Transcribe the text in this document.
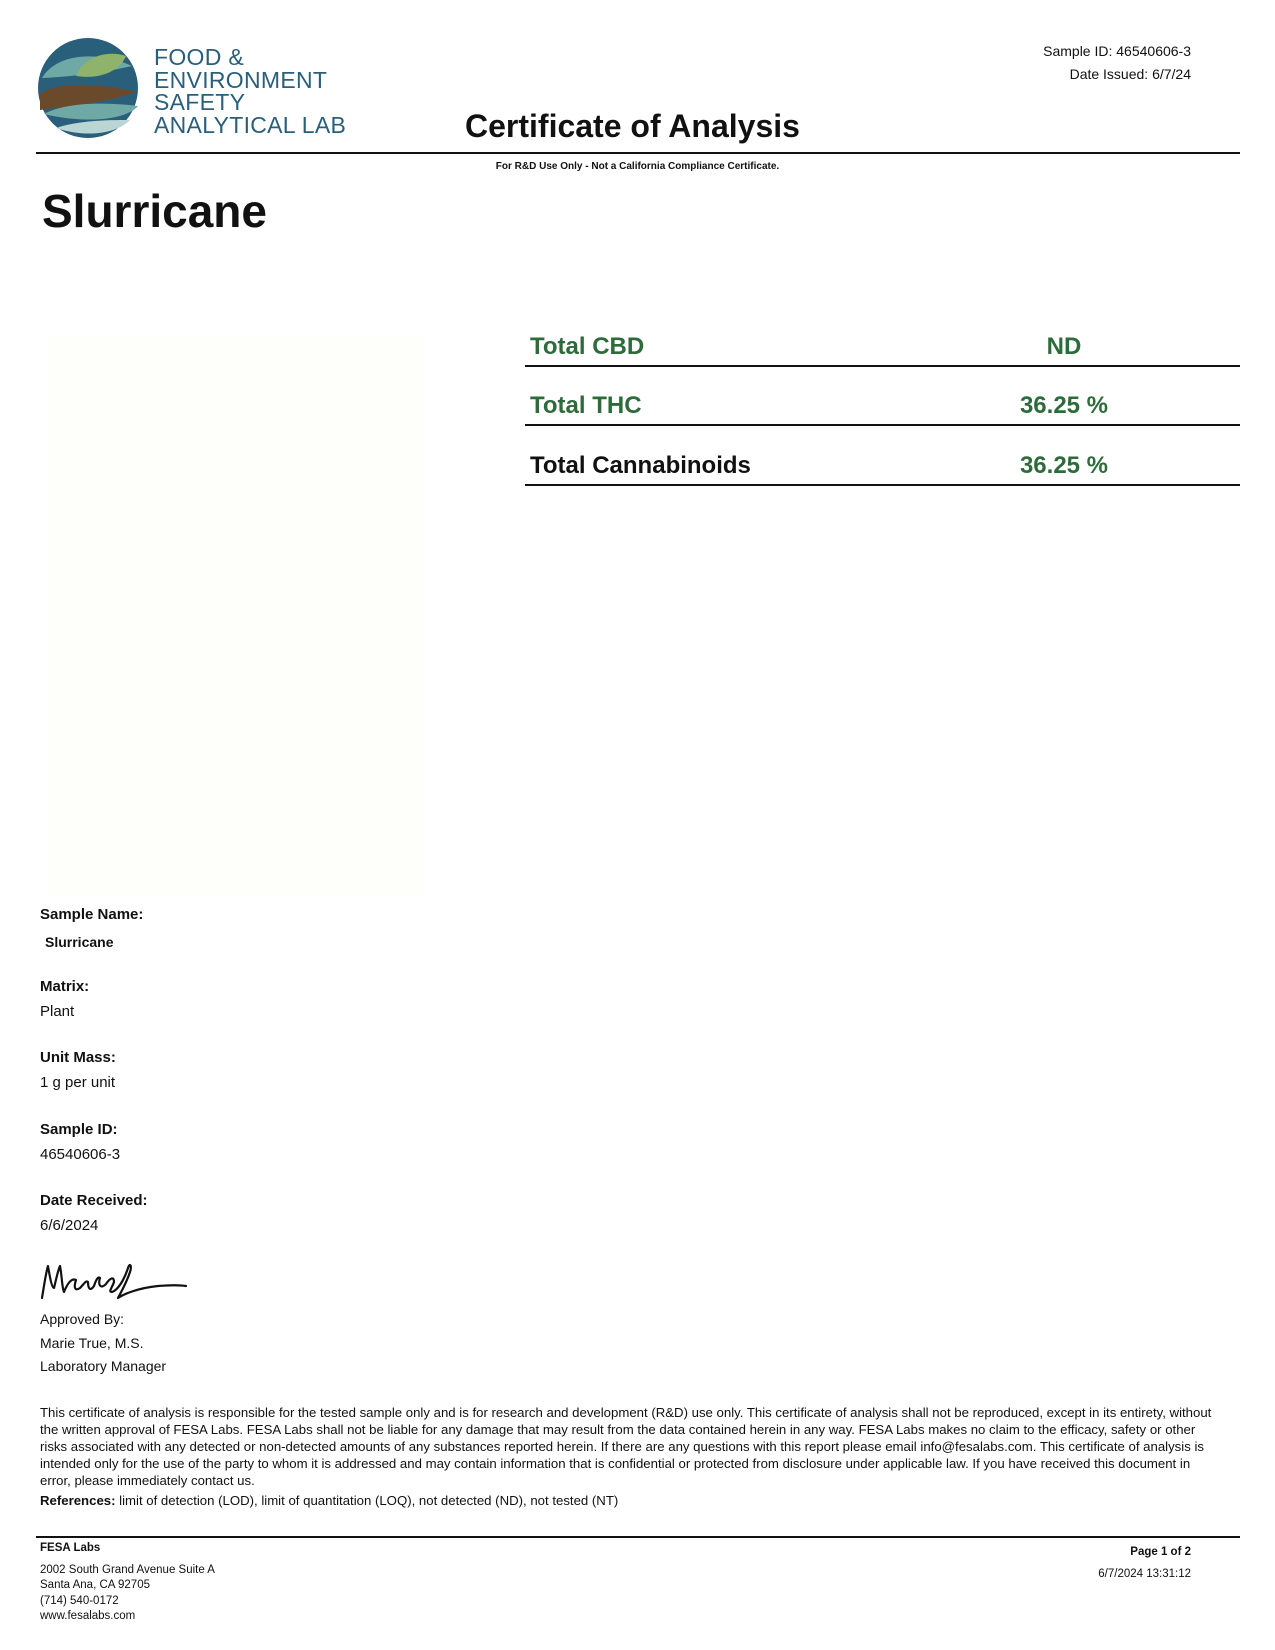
FOOD &
ENVIRONMENT
SAFETY
ANALYTICAL LAB
Sample ID: 46540606-3
Date Issued: 6/7/24
Certificate of Analysis
For R&D Use Only - Not a California Compliance Certificate.
Slurricane
Total CBD	ND
Total THC	36.25 %
Total Cannabinoids	36.25 %
Sample Name:
Slurricane
Matrix:
Plant
Unit Mass:
1 g per unit
Sample ID:
46540606-3
Date Received:
6/6/2024
Approved By:
Marie True, M.S.
Laboratory Manager
This certificate of analysis is responsible for the tested sample only and is for research and development (R&D) use only. This certificate of analysis shall not be reproduced, except in its entirety, without the written approval of FESA Labs. FESA Labs shall not be liable for any damage that may result from the data contained herein in any way. FESA Labs makes no claim to the efficacy, safety or other risks associated with any detected or non-detected amounts of any substances reported herein. If there are any questions with this report please email info@fesalabs.com. This certificate of analysis is intended only for the use of the party to whom it is addressed and may contain information that is confidential or protected from disclosure under applicable law. If you have received this document in error, please immediately contact us.
References: limit of detection (LOD), limit of quantitation (LOQ), not detected (ND), not tested (NT)
FESA Labs
2002 South Grand Avenue Suite A
Santa Ana, CA 92705
(714) 540-0172
www.fesalabs.com
Page 1 of 2
6/7/2024 13:31:12
